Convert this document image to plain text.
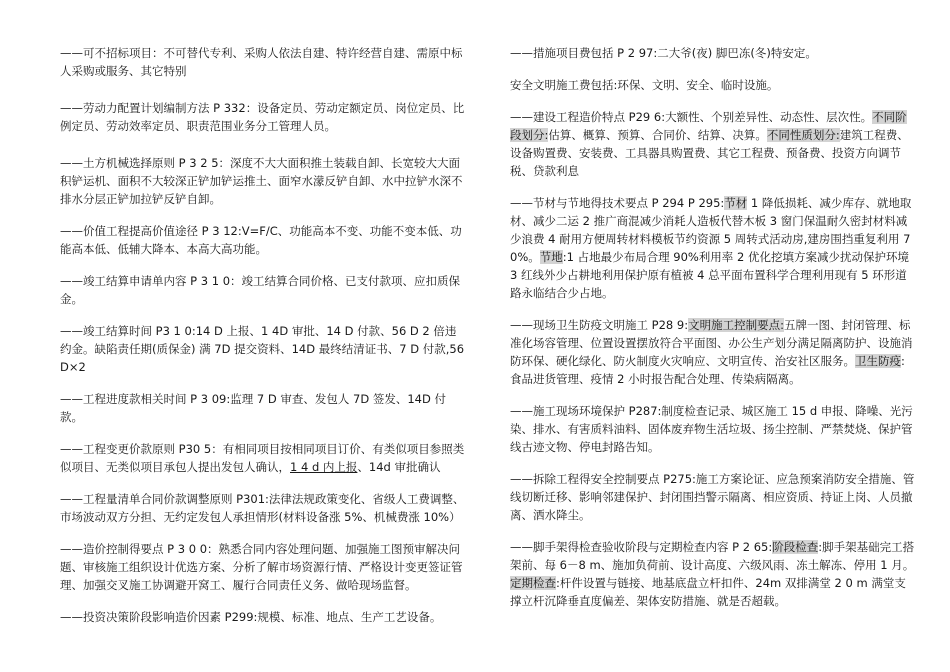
——可不招标项目：不可替代专利、采购人依法自建、特许经营自建、需原中标人采购或服务、其它特别

——劳动力配置计划编制方法 P 332：设备定员、劳动定额定员、岗位定员、比例定员、劳动效率定员、职责范围业务分工管理人员。

——土方机械选择原则 P 3 2 5：深度不大大面积推土装载自卸、长宽较大大面积铲运机、面积不大较深正铲加铲运推土、面窄水濛反铲自卸、水中拉铲水深不排水分层正铲加拉铲反铲自卸。

——价值工程提高价值途径 P 3 12:V=F/C、功能高本不变、功能不变本低、功能高本低、低辅大降本、本高大高功能。

——竣工结算申请单内容 P 3 1 0：竣工结算合同价格、已支付款项、应扣质保金。

——竣工结算时间 P3 1 0:14 D 上报、1 4D 审批、14 D 付款、56 D 2 倍违约金。缺陷责任期(质保金) 满 7D 提交资料、14D 最终结清证书、7 D 付款,56D×2

——工程进度款相关时间 P 3 09:监理 7 D 审查、发包人 7D 签发、14D 付款。

——工程变更价款原则 P30 5：有相同项目按相同项目订价、有类似项目参照类似项目、无类似项目承包人提出发包人确认，1 4 d 内上报、14d 审批确认

——工程量清单合同价款调整原则 P301:法律法规政策变化、省级人工费调整、市场波动双方分担、无约定发包人承担情形(材料设备涨 5%、机械费涨 10%）

——造价控制得要点 P 3 0 0：熟悉合同内容处理问题、加强施工图预审解决问题、审核施工组织设计优选方案、分析了解市场资源行情、严格设计变更签证管理、加强交叉施工协调避开窝工、履行合同责任义务、做哈现场监督。

——投资决策阶段影响造价因素 P299:规模、标准、地点、生产工艺设备。

——措施项目费包括 P 2 97:二大爷(夜) 脚巴冻(冬)特安定。

安全文明施工费包括:环保、文明、安全、临时设施。

——建设工程造价特点 P29 6:大额性、个别差异性、动态性、层次性。不同阶段划分:估算、概算、预算、合同价、结算、决算。不同性质划分:建筑工程费、设备购置费、安装费、工具器具购置费、其它工程费、预备费、投资方向调节税、贷款利息

——节材与节地得技术要点 P 294 P 295:节材 1 降低损耗、减少库存、就地取材、减少二运 2 推广商混减少消耗人造板代替木板 3 窗门保温耐久密封材料减少浪费 4 耐用方便周转材料模板节约资源 5 周转式活动房,建房围挡重复利用 70%。节地:1 占地最少布局合理 90%利用率 2 优化挖填方案减少扰动保护环境 3 红线外少占耕地利用保护原有植被 4 总平面布置科学合理利用现有 5 环形道路永临结合少占地。

——现场卫生防疫文明施工 P28 9:文明施工控制要点:五牌一图、封闭管理、标准化场容管理、位置设置摆放符合平面图、办公生产划分满足隔离防护、设施消防环保、硬化绿化、防火制度火灾响应、文明宣传、治安社区服务。卫生防疫:食品进货管理、疫情 2 小时报告配合处理、传染病隔离。

——施工现场环境保护 P287:制度检查记录、城区施工 15 d 申报、降噪、光污染、排水、有害质料油料、固体废弃物生活垃圾、扬尘控制、严禁焚烧、保护管线古迹文物、停电封路告知。

——拆除工程得安全控制要点 P275:施工方案论证、应急预案消防安全措施、管线切断迁移、影响邻建保护、封闭围挡警示隔离、相应资质、持证上岗、人员撤离、洒水降尘。

——脚手架得检查验收阶段与定期检查内容 P 2 65:阶段检查:脚手架基础完工搭架前、每 6－8 m、施加负荷前、设计高度、六级风雨、冻土解冻、停用 1 月。定期检查:杆件设置与链接、地基底盘立杆扣件、24m 双排满堂 2 0 m 满堂支撑立杆沉降垂直度偏差、架体安防措施、就是否超载。
